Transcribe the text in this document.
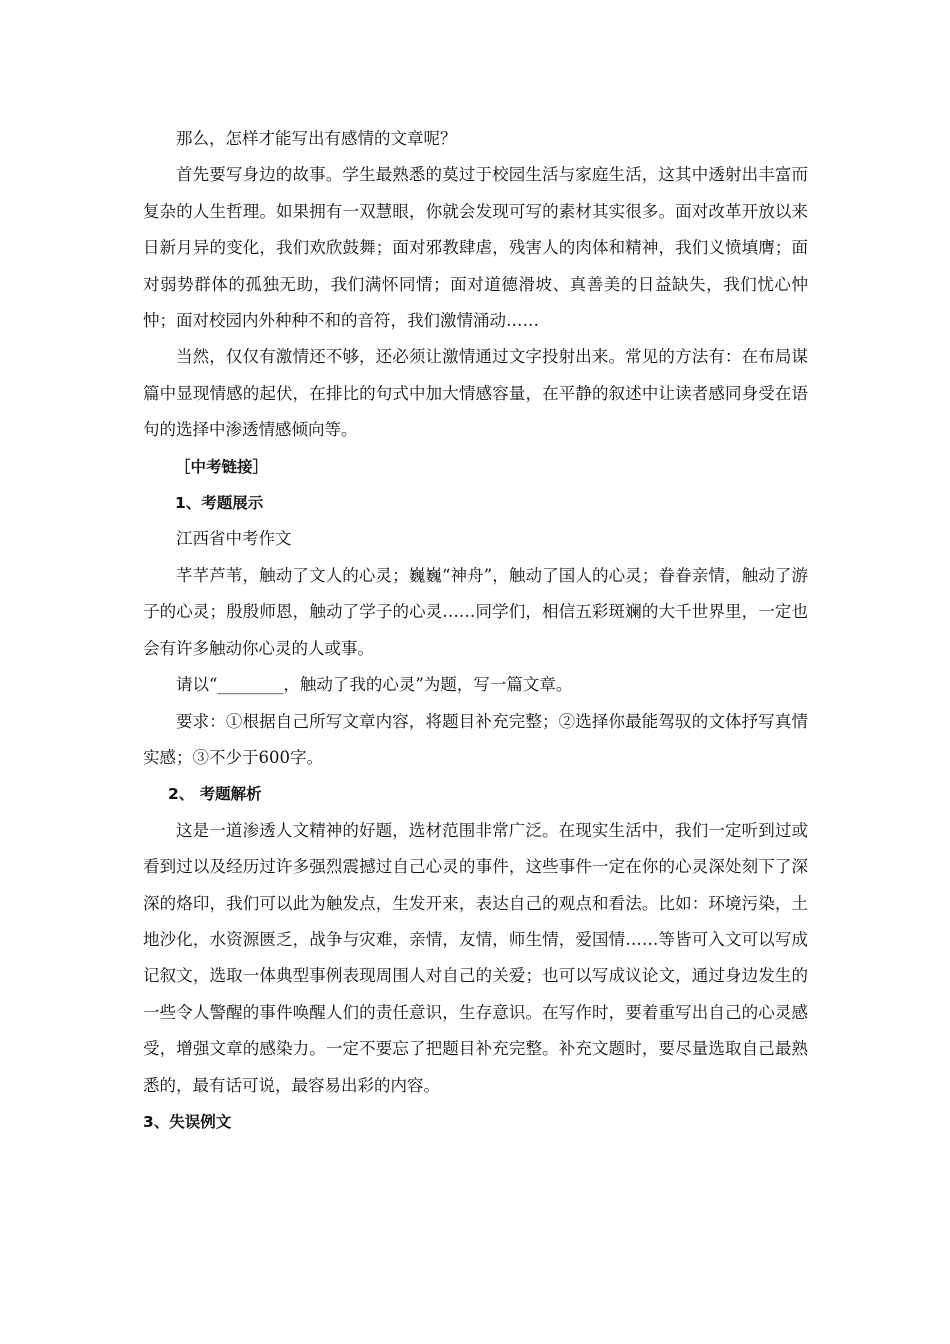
那么，怎样才能写出有感情的文章呢？

首先要写身边的故事。学生最熟悉的莫过于校园生活与家庭生活，这其中透射出丰富而复杂的人生哲理。如果拥有一双慧眼，你就会发现可写的素材其实很多。面对改革开放以来日新月异的变化，我们欢欣鼓舞；面对邪教肆虐，残害人的肉体和精神，我们义愤填膺；面对弱势群体的孤独无助，我们满怀同情；面对道德滑坡、真善美的日益缺失，我们忧心忡忡；面对校园内外种种不和的音符，我们激情涌动……

当然，仅仅有激情还不够，还必须让激情通过文字投射出来。常见的方法有：在布局谋篇中显现情感的起伏，在排比的句式中加大情感容量，在平静的叙述中让读者感同身受在语句的选择中渗透情感倾向等。

［中考链接］

1、考题展示

江西省中考作文

芊芊芦苇，触动了文人的心灵；巍巍“神舟”，触动了国人的心灵；眷眷亲情，触动了游子的心灵；殷殷师恩，触动了学子的心灵……同学们，相信五彩斑斓的大千世界里，一定也会有许多触动你心灵的人或事。

请以“________，触动了我的心灵”为题，写一篇文章。

要求：①根据自己所写文章内容，将题目补充完整；②选择你最能驾驭的文体抒写真情实感；③不少于600字。

2、 考题解析

这是一道渗透人文精神的好题，选材范围非常广泛。在现实生活中，我们一定听到过或看到过以及经历过许多强烈震撼过自己心灵的事件，这些事件一定在你的心灵深处刻下了深深的烙印，我们可以此为触发点，生发开来，表达自己的观点和看法。比如：环境污染，土地沙化，水资源匮乏，战争与灾难，亲情，友情，师生情，爱国情……等皆可入文可以写成记叙文，选取一体典型事例表现周围人对自己的关爱；也可以写成议论文，通过身边发生的一些令人警醒的事件唤醒人们的责任意识，生存意识。在写作时，要着重写出自己的心灵感受，增强文章的感染力。一定不要忘了把题目补充完整。补充文题时，要尽量选取自己最熟悉的，最有话可说，最容易出彩的内容。

3、失误例文
